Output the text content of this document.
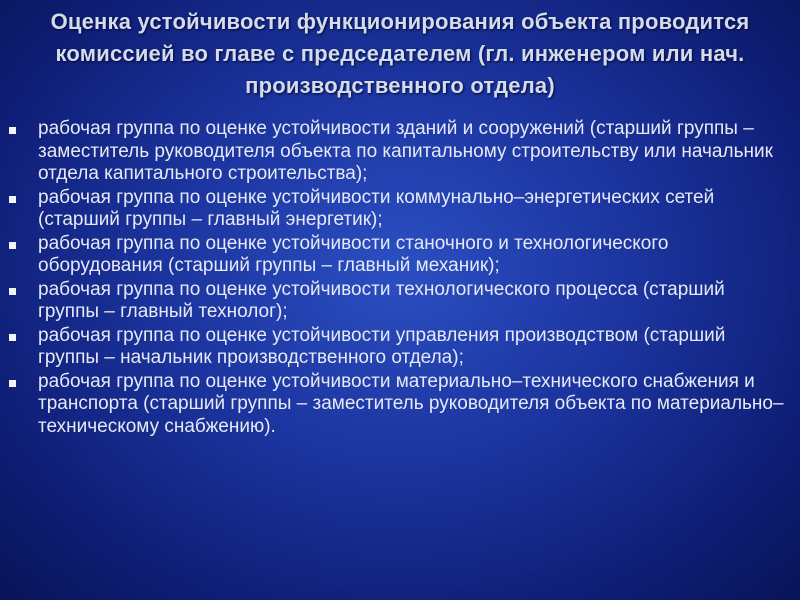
Оценка устойчивости функционирования объекта проводится комиссией во главе с председателем (гл. инженером или нач. производственного отдела)
рабочая группа по оценке устойчивости зданий и сооружений (старший группы – заместитель руководителя объекта по капитальному строительству или начальник отдела капитального строительства);
рабочая группа по оценке устойчивости коммунально–энергетических сетей (старший группы – главный энергетик);
рабочая группа по оценке устойчивости станочного и технологического оборудования (старший группы – главный механик);
рабочая группа по оценке устойчивости технологического процесса (старший группы – главный технолог);
рабочая группа по оценке устойчивости управления производством (старший группы – начальник производственного отдела);
рабочая группа по оценке устойчивости материально–технического снабжения и транспорта (старший группы – заместитель руководителя объекта по материально–техническому снабжению).
